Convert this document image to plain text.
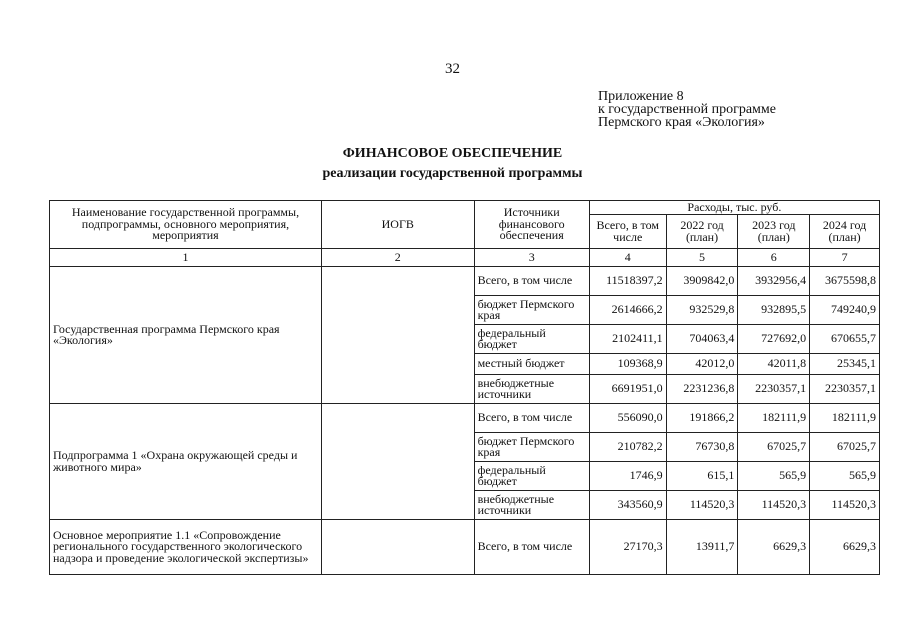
32
Приложение 8
к государственной программе
Пермского края «Экология»
ФИНАНСОВОЕ ОБЕСПЕЧЕНИЕ
реализации государственной программы
Наименование государственной программы, подпрограммы, основного мероприятия, мероприятия	ИОГВ	Источники финансового обеспечения	Расходы, тыс. руб.			
			Всего, в том числе	2022 год (план)	2023 год (план)	2024 год (план)
1	2	3	4	5	6	7
Государственная программа Пермского края «Экология»		Всего, в том числе	11518397,2	3909842,0	3932956,4	3675598,8
		бюджет Пермского края	2614666,2	932529,8	932895,5	749240,9
		федеральный бюджет	2102411,1	704063,4	727692,0	670655,7
		местный бюджет	109368,9	42012,0	42011,8	25345,1
		внебюджетные источники	6691951,0	2231236,8	2230357,1	2230357,1
Подпрограмма 1 «Охрана окружающей среды и животного мира»		Всего, в том числе	556090,0	191866,2	182111,9	182111,9
		бюджет Пермского края	210782,2	76730,8	67025,7	67025,7
		федеральный бюджет	1746,9	615,1	565,9	565,9
		внебюджетные источники	343560,9	114520,3	114520,3	114520,3
Основное мероприятие 1.1 «Сопровождение регионального государственного экологического надзора и проведение экологической экспертизы»		Всего, в том числе	27170,3	13911,7	6629,3	6629,3
